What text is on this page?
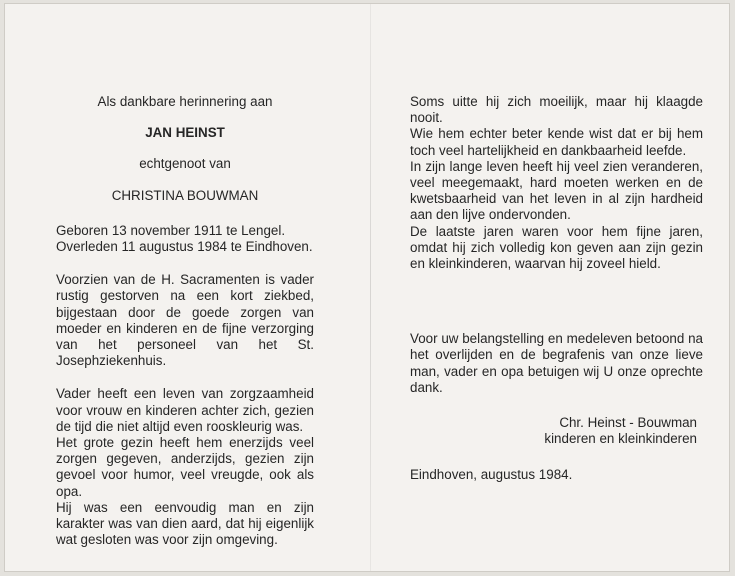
Als dankbare herinnering aan

JAN HEINST

echtgenoot van

CHRISTINA BOUWMAN

Geboren 13 november 1911 te Lengel.

Overleden 11 augustus 1984 te Eindhoven.

Voorzien van de H. Sacramenten is vader rustig gestorven na een kort ziekbed, bijgestaan door de goede zorgen van moeder en kinderen en de fijne verzorging van het personeel van het St. Josephziekenhuis.

Vader heeft een leven van zorgzaamheid voor vrouw en kinderen achter zich, gezien de tijd die niet altijd even rooskleurig was.

Het grote gezin heeft hem enerzijds veel zorgen gegeven, anderzijds, gezien zijn gevoel voor humor, veel vreugde, ook als opa.

Hij was een eenvoudig man en zijn karakter was van dien aard, dat hij eigenlijk wat gesloten was voor zijn omgeving.

Soms uitte hij zich moeilijk, maar hij klaagde nooit.

Wie hem echter beter kende wist dat er bij hem toch veel hartelijkheid en dankbaarheid leefde.

In zijn lange leven heeft hij veel zien veranderen, veel meegemaakt, hard moeten werken en de kwetsbaarheid van het leven in al zijn hardheid aan den lijve ondervonden.

De laatste jaren waren voor hem fijne jaren, omdat hij zich volledig kon geven aan zijn gezin en kleinkinderen, waarvan hij zoveel hield.

Voor uw belangstelling en medeleven betoond na het overlijden en de begrafenis van onze lieve man, vader en opa betuigen wij U onze oprechte dank.

Chr. Heinst - Bouwman

kinderen en kleinkinderen

Eindhoven, augustus 1984.
